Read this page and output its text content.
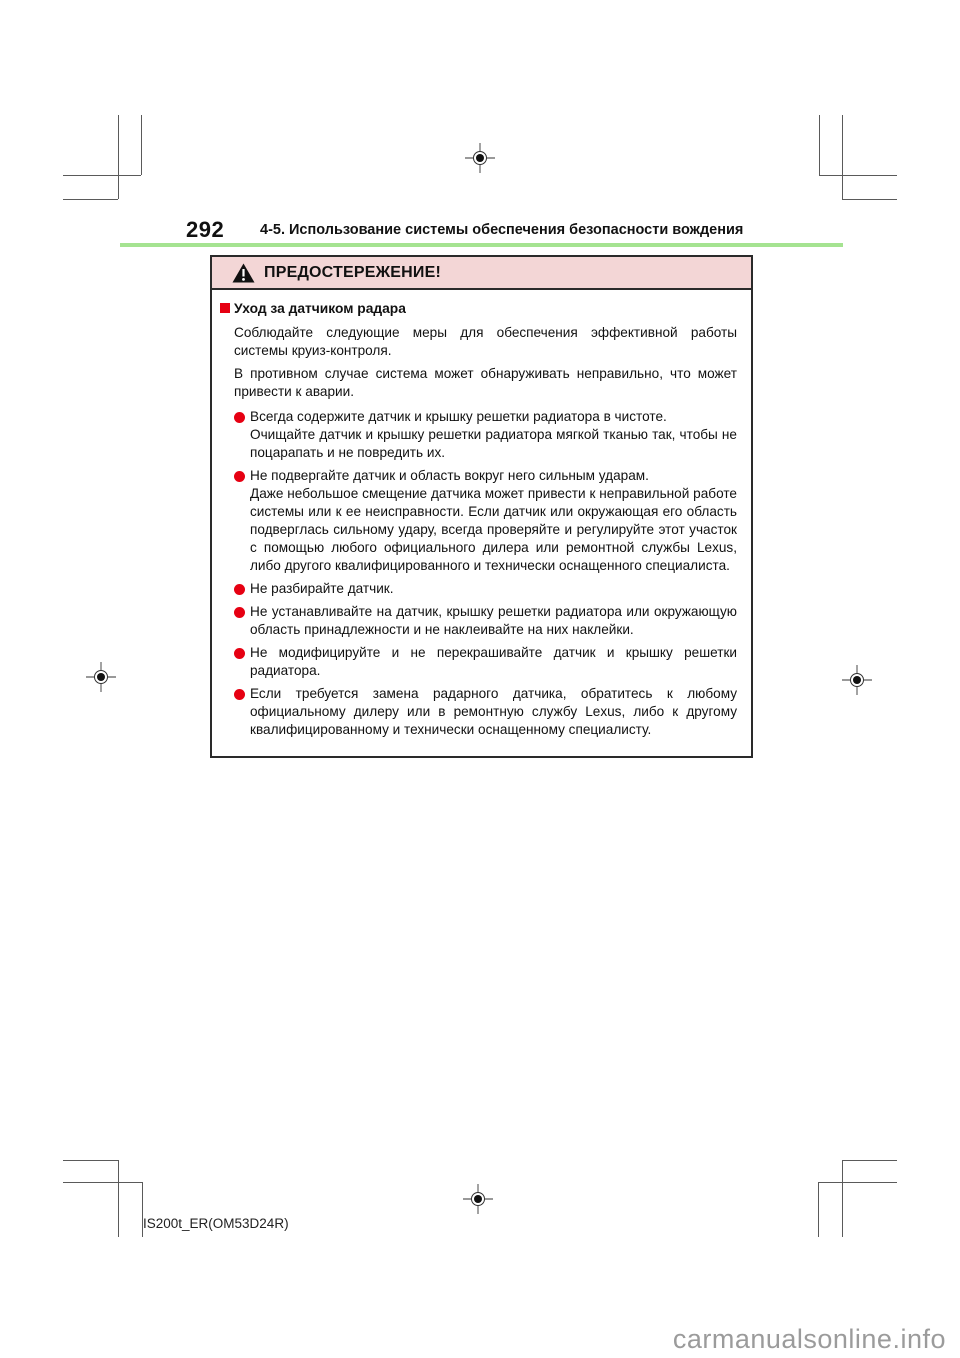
292 4-5. Использование системы обеспечения безопасности вождения
ПРЕДОСТЕРЕЖЕНИЕ!
Уход за датчиком радара

Соблюдайте следующие меры для обеспечения эффективной работы системы круиз-контроля.

В противном случае система может обнаруживать неправильно, что может привести к аварии.

Всегда содержите датчик и крышку решетки радиатора в чистоте.

Очищайте датчик и крышку решетки радиатора мягкой тканью так, чтобы не поцарапать и не повредить их.

Не подвергайте датчик и область вокруг него сильным ударам.

Даже небольшое смещение датчика может привести к неправильной работе системы или к ее неисправности. Если датчик или окружающая его область подверглась сильному удару, всегда проверяйте и регулируйте этот участок с помощью любого официального дилера или ремонтной службы Lexus, либо другого квалифицированного и технически оснащенного специалиста.

Не разбирайте датчик.

Не устанавливайте на датчик, крышку решетки радиатора или окружающую область принадлежности и не наклеивайте на них наклейки.

Не модифицируйте и не перекрашивайте датчик и крышку решетки радиатора.

Если требуется замена радарного датчика, обратитесь к любому официальному дилеру или в ремонтную службу Lexus, либо к другому квалифицированному и технически оснащенному специалисту.

IS200t_ER(OM53D24R)
carmanualsonline.info
